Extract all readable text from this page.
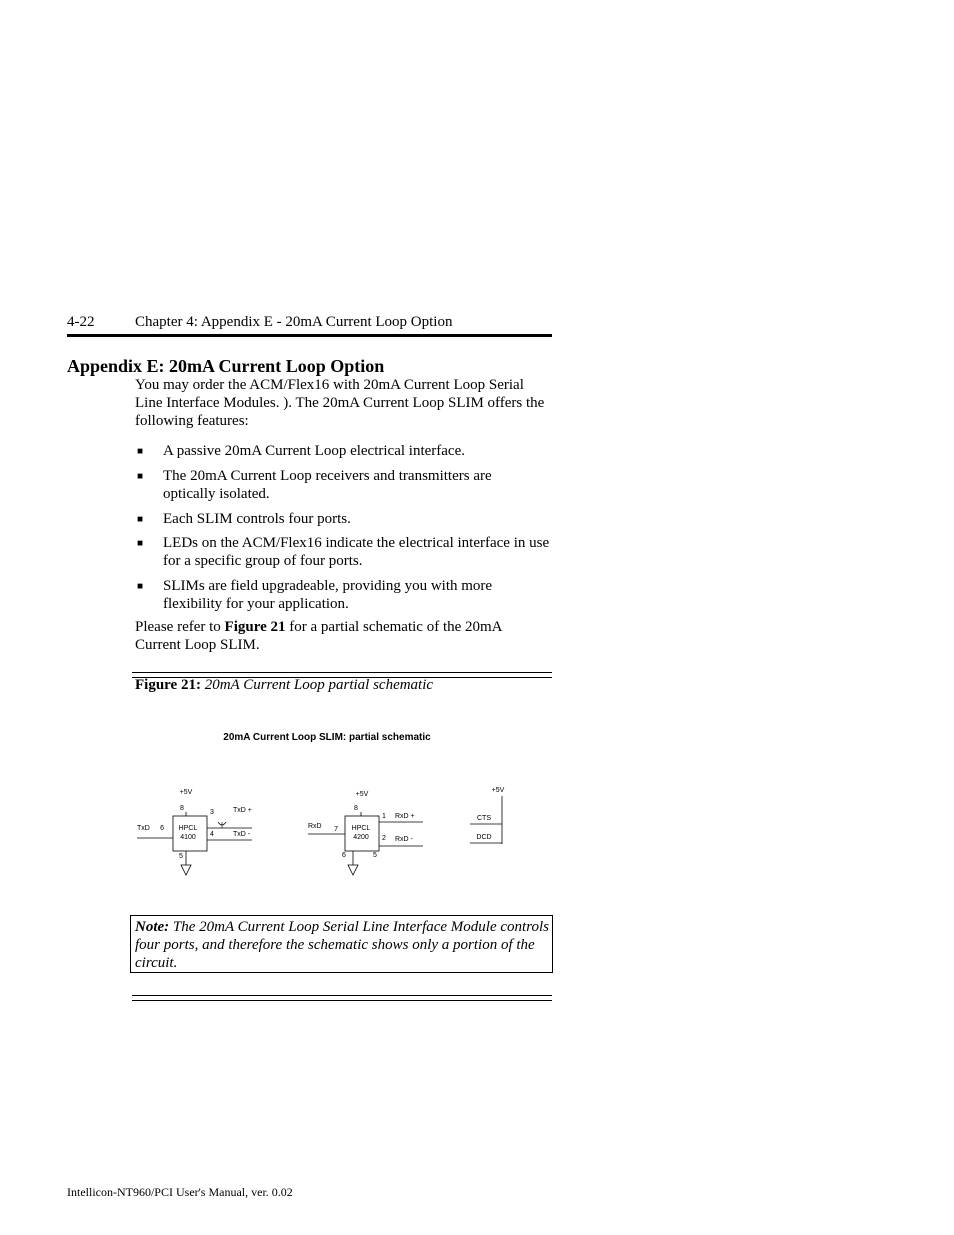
4-22	Chapter 4: Appendix E - 20mA Current Loop Option
Appendix E: 20mA Current Loop Option
You may order the ACM/Flex16 with 20mA Current Loop Serial Line Interface Modules. ). The 20mA Current Loop SLIM offers the following features:
■ A passive 20mA Current Loop electrical interface.
■ The 20mA Current Loop receivers and transmitters are optically isolated.
■ Each SLIM controls four ports.
■ LEDs on the ACM/Flex16 indicate the electrical interface in use for a specific group of four ports.
■ SLIMs are field upgradeable, providing you with more flexibility for your application.
Please refer to Figure 21 for a partial schematic of the 20mA Current Loop SLIM.
Figure 21: 20mA Current Loop partial schematic
20mA Current Loop SLIM: partial schematic
+5V
8
HPCL
4100
TxD 6
3
4
TxD +
TxD -
5
+5V
8
HPCL
4200
RxD 7
1
2
RxD +
RxD -
6	5
+5V
CTS
DCD
Note: The 20mA Current Loop Serial Line Interface Module controls four ports, and therefore the schematic shows only a portion of the circuit.
Intellicon-NT960/PCI User's Manual, ver. 0.02
